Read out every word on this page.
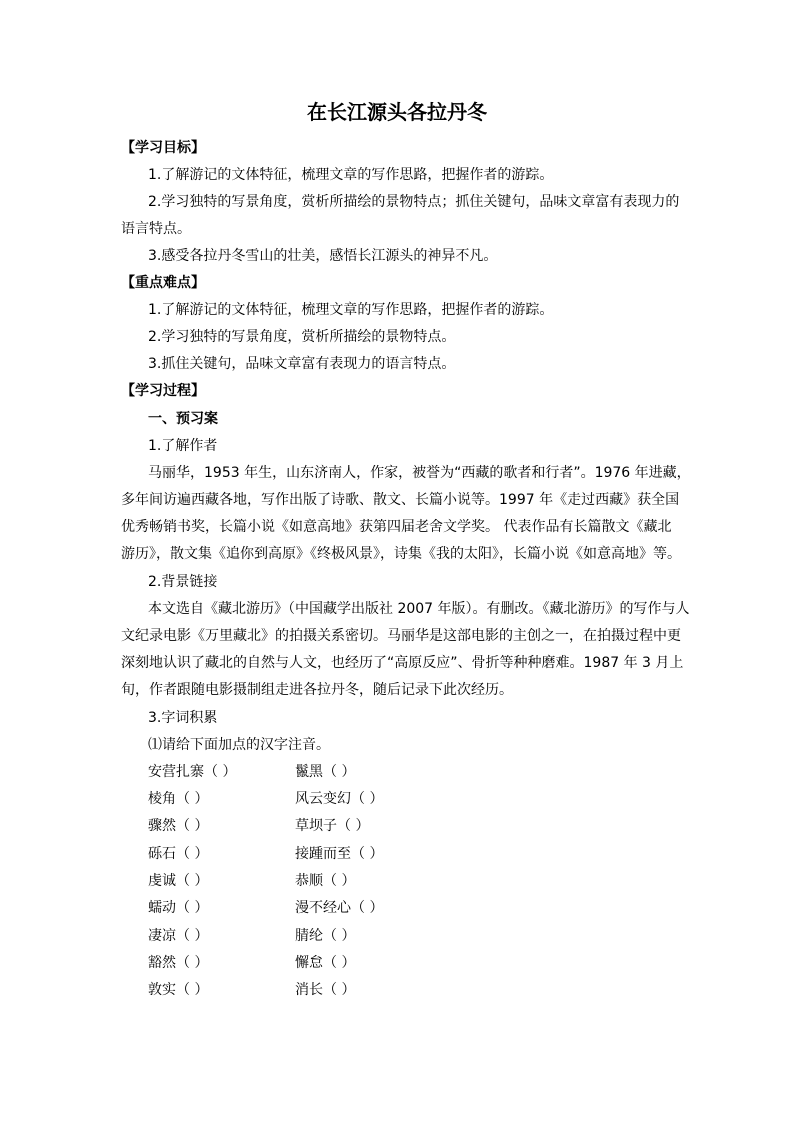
在长江源头各拉丹冬
【学习目标】
1.了解游记的文体特征，梳理文章的写作思路，把握作者的游踪。
2.学习独特的写景角度，赏析所描绘的景物特点；抓住关键句，品味文章富有表现力的
语言特点。
3.感受各拉丹冬雪山的壮美，感悟长江源头的神异不凡。
【重点难点】
1.了解游记的文体特征，梳理文章的写作思路，把握作者的游踪。
2.学习独特的写景角度，赏析所描绘的景物特点。
3.抓住关键句，品味文章富有表现力的语言特点。
【学习过程】
一、预习案
1.了解作者
马丽华，1953 年生，山东济南人，作家，被誉为“西藏的歌者和行者”。1976 年进藏，
多年间访遍西藏各地，写作出版了诗歌、散文、长篇小说等。1997 年《走过西藏》获全国
优秀畅销书奖，长篇小说《如意高地》获第四届老舍文学奖。 代表作品有长篇散文《藏北
游历》，散文集《追你到高原》《终极风景》，诗集《我的太阳》，长篇小说《如意高地》等。
2.背景链接
本文选自《藏北游历》（中国藏学出版社 2007 年版）。有删改。《藏北游历》的写作与人
文纪录电影《万里藏北》的拍摄关系密切。马丽华是这部电影的主创之一，在拍摄过程中更
深刻地认识了藏北的自然与人文，也经历了“高原反应”、骨折等种种磨难。1987 年 3 月上
旬，作者跟随电影摄制组走进各拉丹冬，随后记录下此次经历。
3.字词积累
⑴请给下面加点的汉字注音。
安营扎寨（ ）	鬣黑（ ）
棱角（ ）	风云变幻（ ）
骤然（ ）	草坝子（ ）
砾石（ ）	接踵而至（ ）
虔诚（ ）	恭顺（ ）
蠕动（ ）	漫不经心（ ）
凄凉（ ）	腈纶（ ）
豁然（ ）	懈怠（ ）
敦实（ ）	消长（ ）
